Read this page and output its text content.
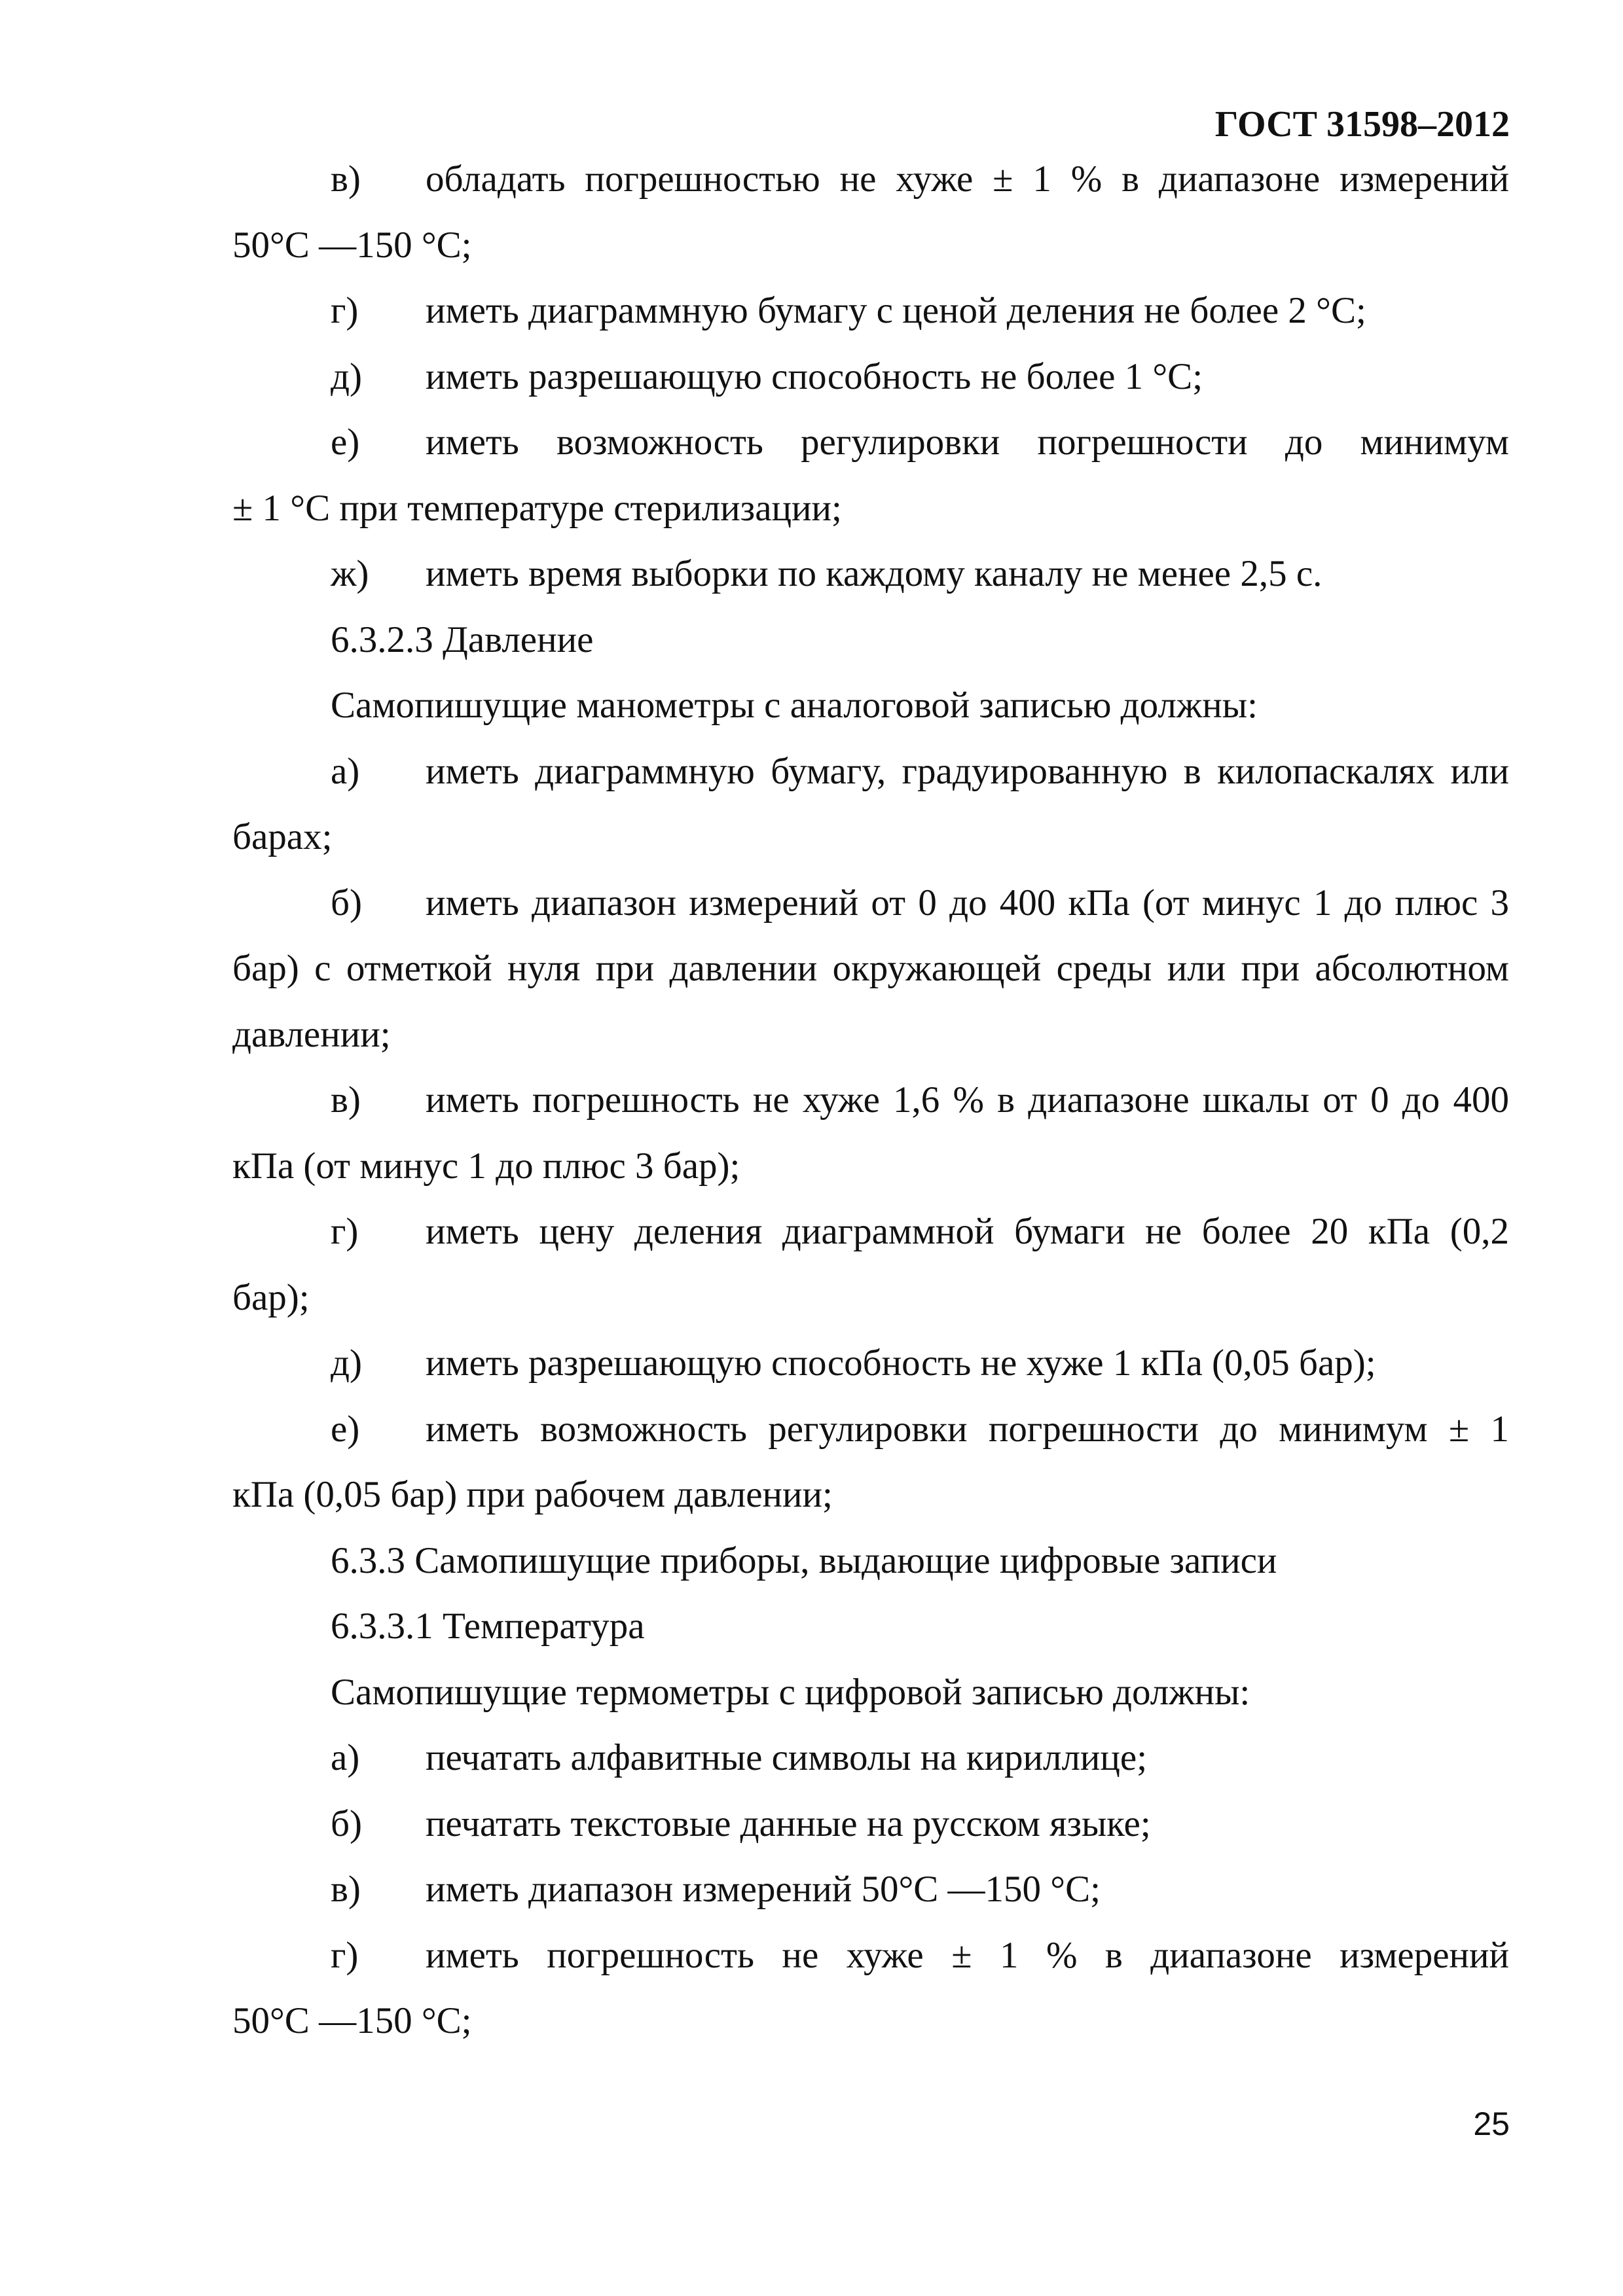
ГОСТ 31598–2012
в) обладать погрешностью не хуже ± 1 % в диапазоне измерений
50°C —150 °С;
г) иметь диаграммную бумагу с ценой деления не более 2 °С;
д) иметь разрешающую способность не более 1 °С;
е) иметь возможность регулировки погрешности до минимум
± 1 °С при температуре стерилизации;
ж) иметь время выборки по каждому каналу не менее 2,5 с.
6.3.2.3 Давление
Самопишущие манометры с аналоговой записью должны:
а) иметь диаграммную бумагу, градуированную в килопаскалях или
барах;
б) иметь диапазон измерений от 0 до 400 кПа (от минус 1 до плюс 3
бар) с отметкой нуля при давлении окружающей среды или при абсолютном
давлении;
в) иметь погрешность не хуже 1,6 % в диапазоне шкалы от 0 до 400
кПа (от минус 1 до плюс 3 бар);
г) иметь цену деления диаграммной бумаги не более 20 кПа (0,2
бар);
д) иметь разрешающую способность не хуже 1 кПа (0,05 бар);
е) иметь возможность регулировки погрешности до минимум ± 1
кПа (0,05 бар) при рабочем давлении;
6.3.3 Самопишущие приборы, выдающие цифровые записи
6.3.3.1 Температура
Самопишущие термометры с цифровой записью должны:
а) печатать алфавитные символы на кириллице;
б) печатать текстовые данные на русском языке;
в) иметь диапазон измерений 50°C —150 °С;
г) иметь погрешность не хуже ± 1 % в диапазоне измерений
50°C —150 °С;
25
